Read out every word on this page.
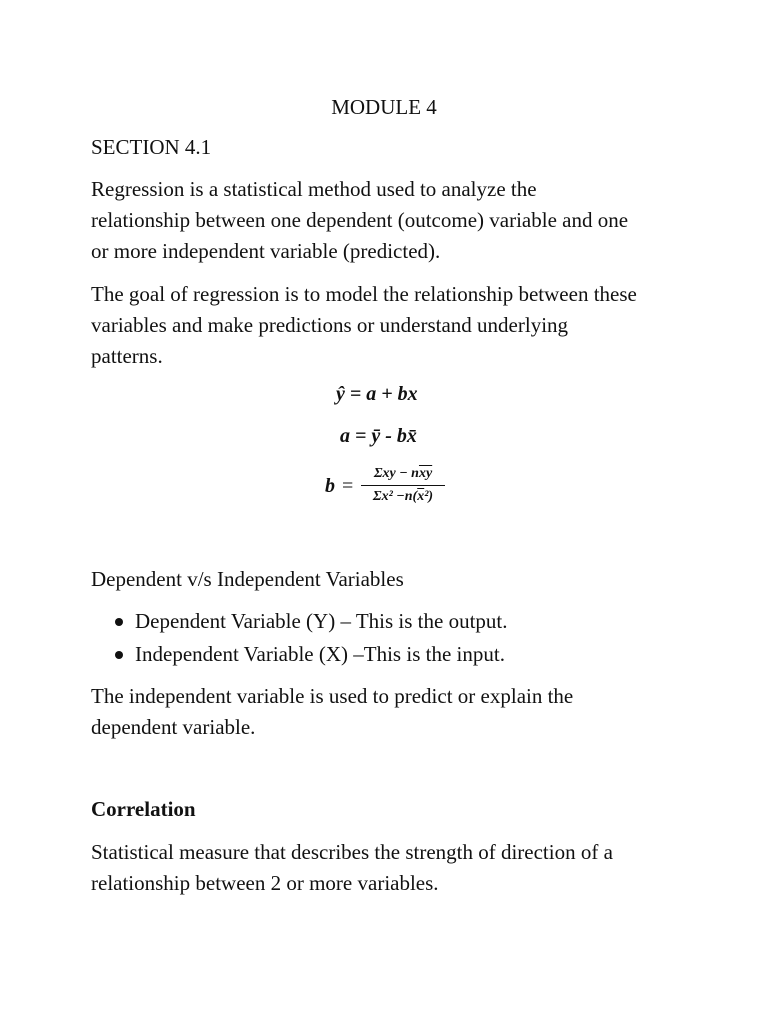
MODULE 4
SECTION 4.1
Regression is a statistical method used to analyze the
relationship between one dependent (outcome) variable and one
or more independent variable (predicted).
The goal of regression is to model the relationship between these
variables and make predictions or understand underlying
patterns.
ŷ = a + bx
a = ȳ - bx̄
b =
$\Sigma xy - n\overline{xy}$
$\Sigma x^2 -n(\overline{x}^2)$
Dependent v/s Independent Variables
Dependent Variable (Y) – This is the output.
Independent Variable (X) –This is the input.
The independent variable is used to predict or explain the
dependent variable.
Correlation
Statistical measure that describes the strength of direction of a
relationship between 2 or more variables.
